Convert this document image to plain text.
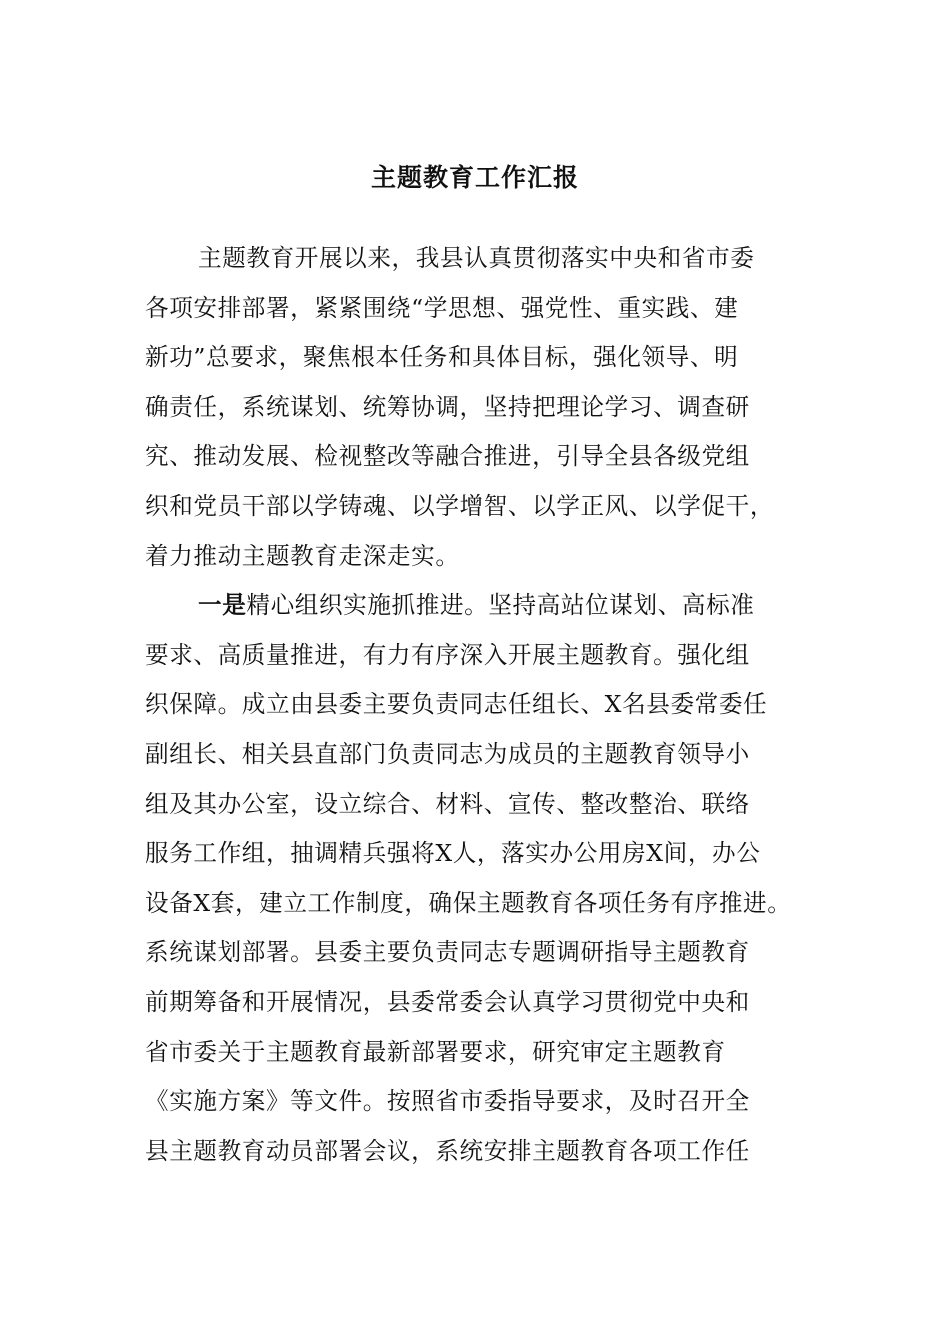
主题教育工作汇报
主题教育开展以来，我县认真贯彻落实中央和省市委
各项安排部署，紧紧围绕“学思想、强党性、重实践、建
新功”总要求，聚焦根本任务和具体目标，强化领导、明
确责任，系统谋划、统筹协调，坚持把理论学习、调查研
究、推动发展、检视整改等融合推进，引导全县各级党组
织和党员干部以学铸魂、以学增智、以学正风、以学促干，
着力推动主题教育走深走实。
一是精心组织实施抓推进。坚持高站位谋划、高标准
要求、高质量推进，有力有序深入开展主题教育。强化组
织保障。成立由县委主要负责同志任组长、X名县委常委任
副组长、相关县直部门负责同志为成员的主题教育领导小
组及其办公室，设立综合、材料、宣传、整改整治、联络
服务工作组，抽调精兵强将X人，落实办公用房X间，办公
设备X套，建立工作制度，确保主题教育各项任务有序推进。
系统谋划部署。县委主要负责同志专题调研指导主题教育
前期筹备和开展情况，县委常委会认真学习贯彻党中央和
省市委关于主题教育最新部署要求，研究审定主题教育
《实施方案》等文件。按照省市委指导要求，及时召开全
县主题教育动员部署会议，系统安排主题教育各项工作任
